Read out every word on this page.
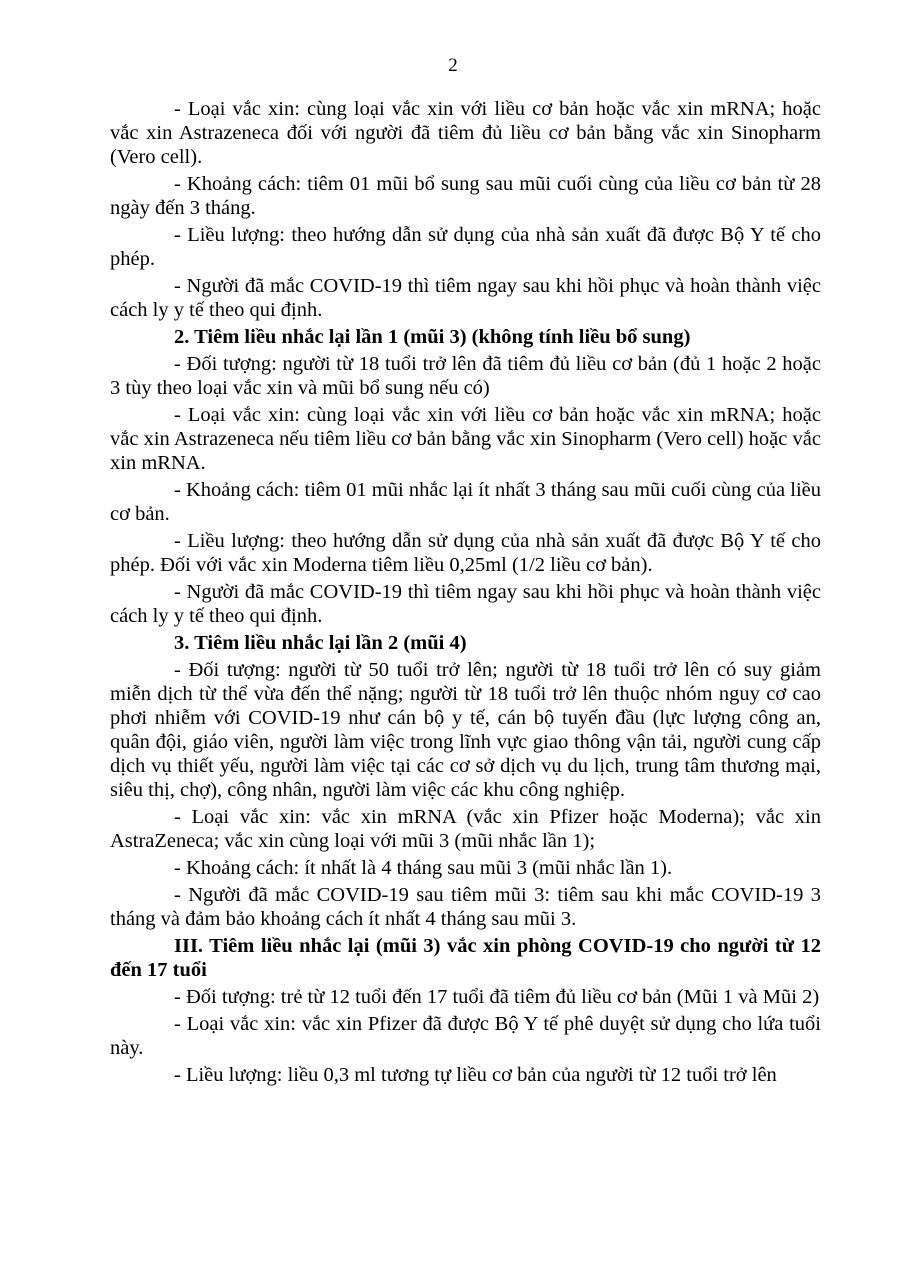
2

- Loại vắc xin: cùng loại vắc xin với liều cơ bản hoặc vắc xin mRNA; hoặc vắc xin Astrazeneca đối với người đã tiêm đủ liều cơ bản bằng vắc xin Sinopharm (Vero cell).

- Khoảng cách: tiêm 01 mũi bổ sung sau mũi cuối cùng của liều cơ bản từ 28 ngày đến 3 tháng.

- Liều lượng: theo hướng dẫn sử dụng của nhà sản xuất đã được Bộ Y tế cho phép.

- Người đã mắc COVID-19 thì tiêm ngay sau khi hồi phục và hoàn thành việc cách ly y tế theo qui định.

2. Tiêm liều nhắc lại lần 1 (mũi 3) (không tính liều bổ sung)

- Đối tượng: người từ 18 tuổi trở lên đã tiêm đủ liều cơ bản (đủ 1 hoặc 2 hoặc 3 tùy theo loại vắc xin và mũi bổ sung nếu có)

- Loại vắc xin: cùng loại vắc xin với liều cơ bản hoặc vắc xin mRNA; hoặc vắc xin Astrazeneca nếu tiêm liều cơ bản bằng vắc xin Sinopharm (Vero cell) hoặc vắc xin mRNA.

- Khoảng cách: tiêm 01 mũi nhắc lại ít nhất 3 tháng sau mũi cuối cùng của liều cơ bản.

- Liều lượng: theo hướng dẫn sử dụng của nhà sản xuất đã được Bộ Y tế cho phép. Đối với vắc xin Moderna tiêm liều 0,25ml (1/2 liều cơ bản).

- Người đã mắc COVID-19 thì tiêm ngay sau khi hồi phục và hoàn thành việc cách ly y tế theo qui định.

3. Tiêm liều nhắc lại lần 2 (mũi 4)

- Đối tượng: người từ 50 tuổi trở lên; người từ 18 tuổi trở lên có suy giảm miễn dịch từ thể vừa đến thể nặng; người từ 18 tuổi trở lên thuộc nhóm nguy cơ cao phơi nhiễm với COVID-19 như cán bộ y tế, cán bộ tuyến đầu (lực lượng công an, quân đội, giáo viên, người làm việc trong lĩnh vực giao thông vận tải, người cung cấp dịch vụ thiết yếu, người làm việc tại các cơ sở dịch vụ du lịch, trung tâm thương mại, siêu thị, chợ), công nhân, người làm việc các khu công nghiệp.

- Loại vắc xin: vắc xin mRNA (vắc xin Pfizer hoặc Moderna); vắc xin AstraZeneca; vắc xin cùng loại với mũi 3 (mũi nhắc lần 1);

- Khoảng cách: ít nhất là 4 tháng sau mũi 3 (mũi nhắc lần 1).

- Người đã mắc COVID-19 sau tiêm mũi 3: tiêm sau khi mắc COVID-19 3 tháng và đảm bảo khoảng cách ít nhất 4 tháng sau mũi 3.

III. Tiêm liều nhắc lại (mũi 3) vắc xin phòng COVID-19 cho người từ 12 đến 17 tuổi

- Đối tượng: trẻ từ 12 tuổi đến 17 tuổi đã tiêm đủ liều cơ bản (Mũi 1 và Mũi 2)

- Loại vắc xin: vắc xin Pfizer đã được Bộ Y tế phê duyệt sử dụng cho lứa tuổi này.

- Liều lượng: liều 0,3 ml tương tự liều cơ bản của người từ 12 tuổi trở lên
